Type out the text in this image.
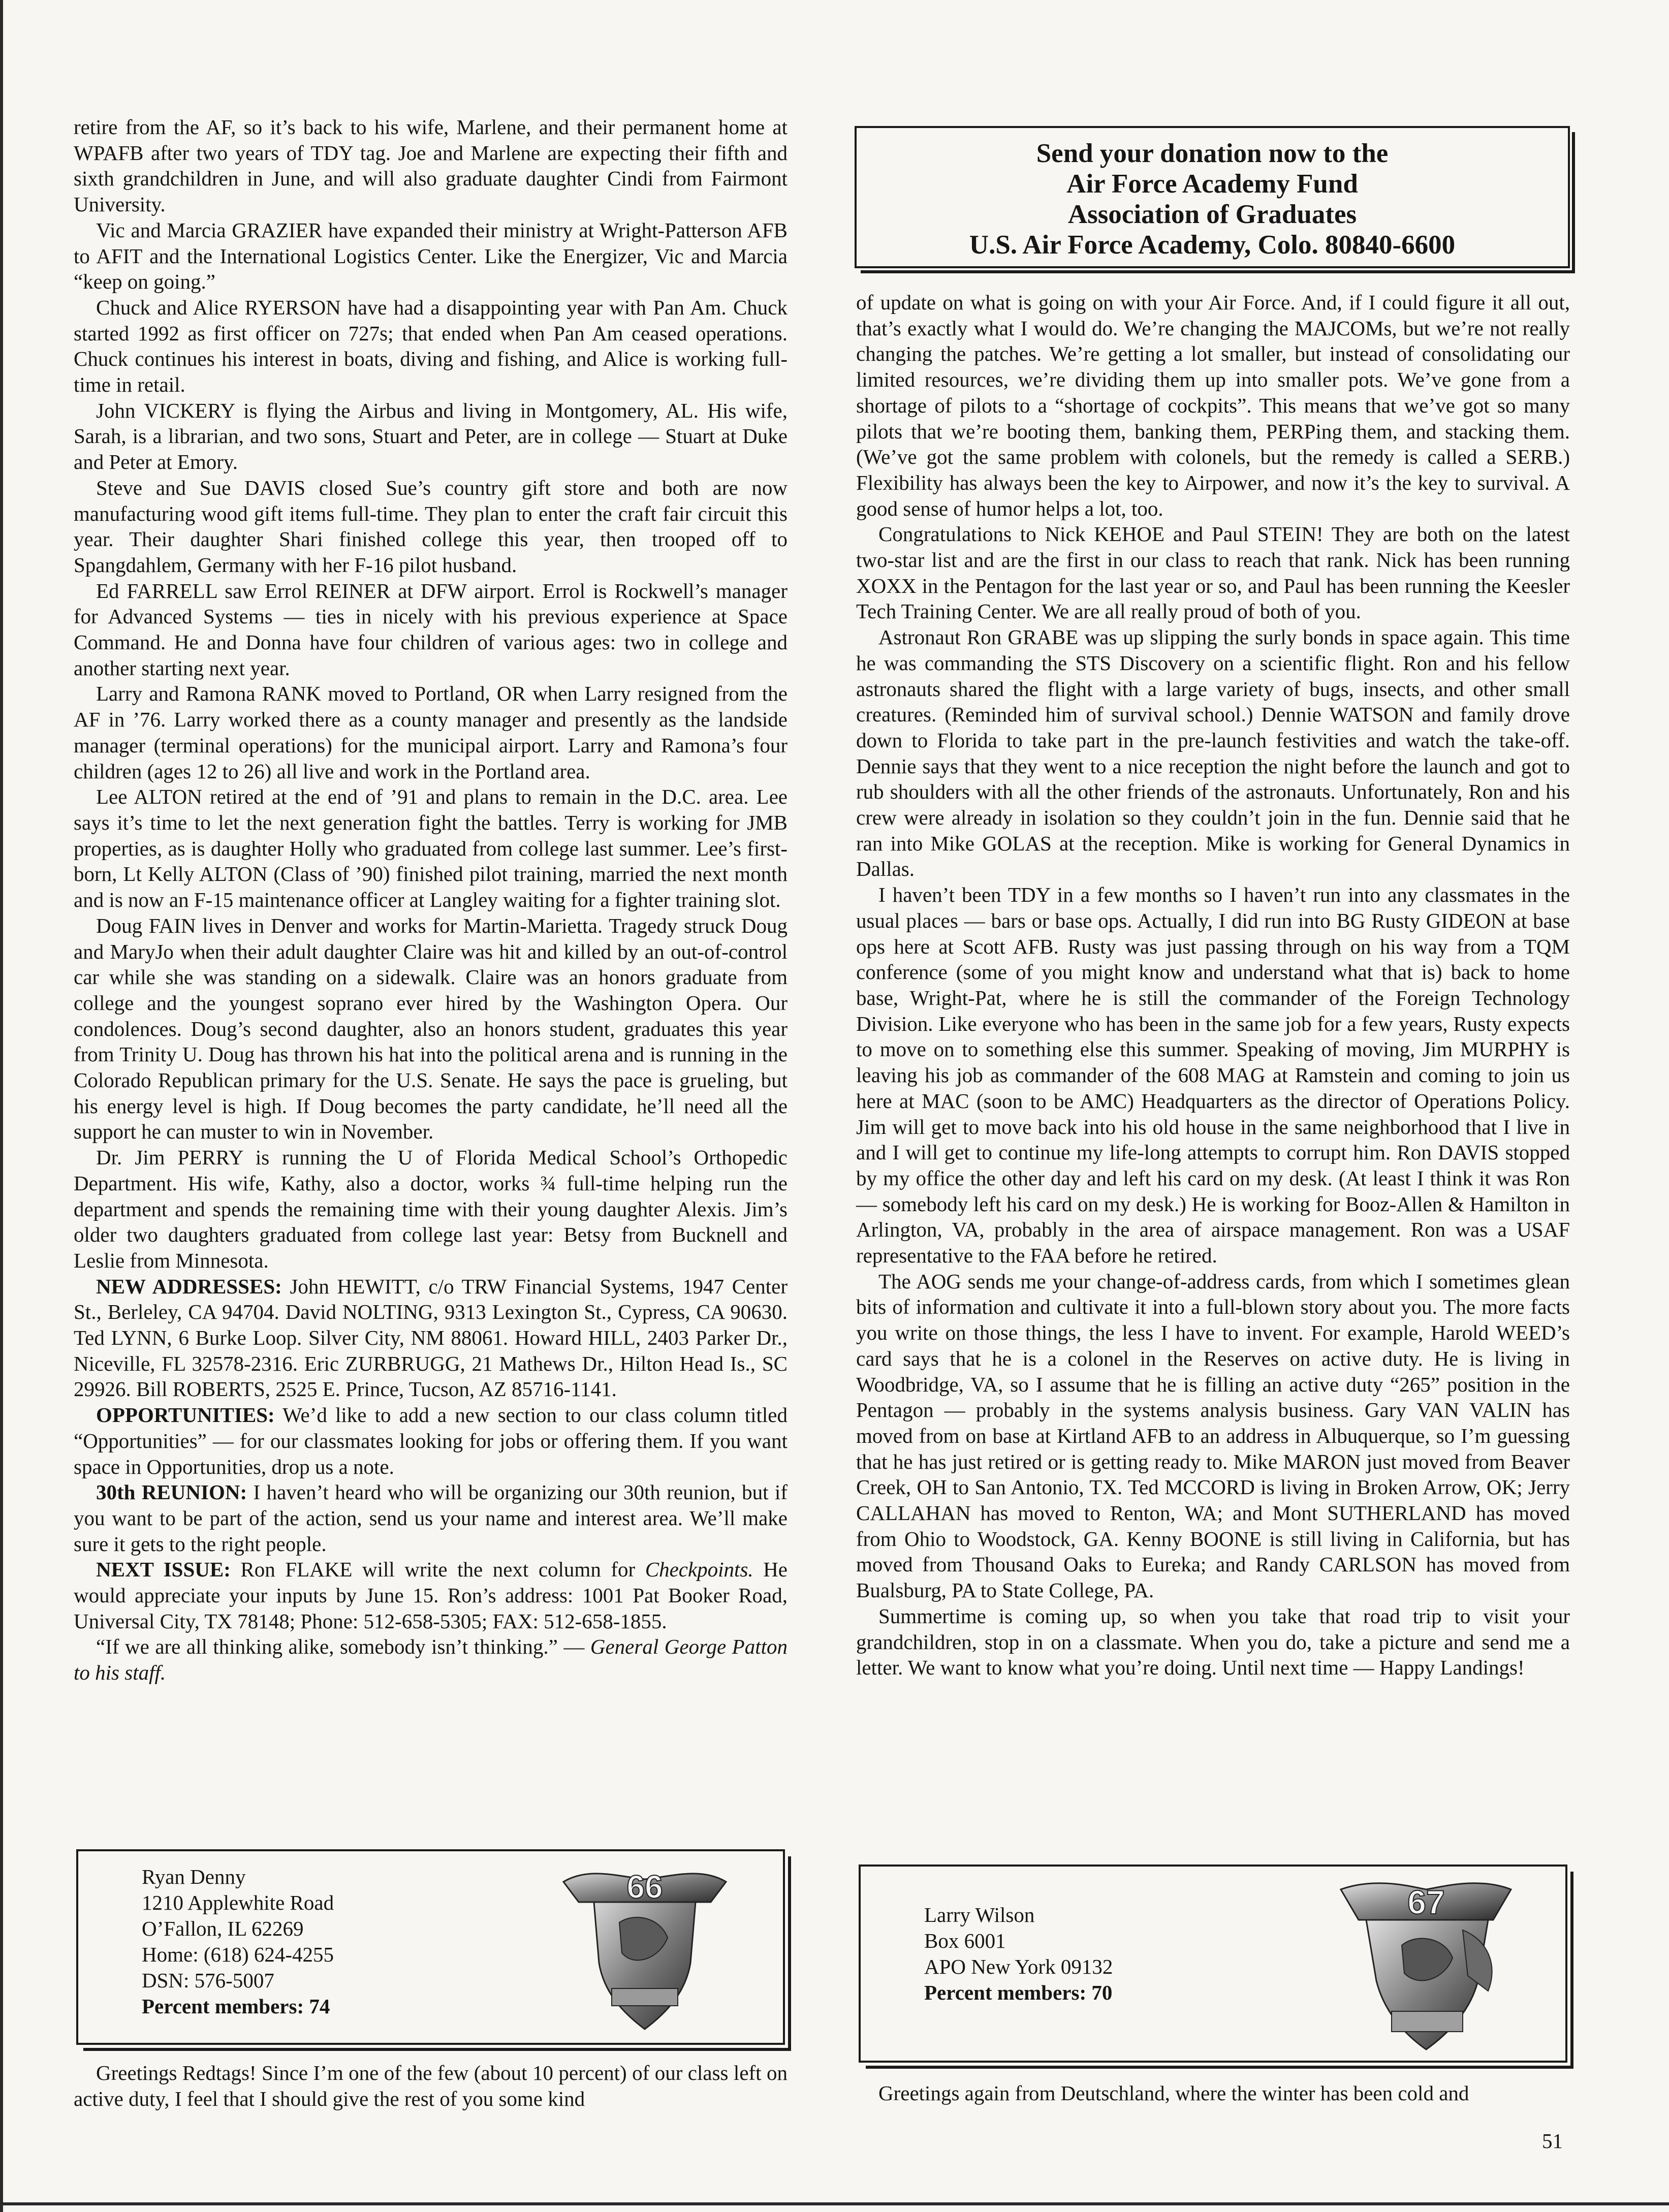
retire from the AF, so it’s back to his wife, Marlene, and their permanent home at WPAFB after two years of TDY tag. Joe and Marlene are expecting their fifth and sixth grandchildren in June, and will also graduate daughter Cindi from Fairmont University.

Vic and Marcia GRAZIER have expanded their ministry at Wright-Patterson AFB to AFIT and the International Logistics Center. Like the Energizer, Vic and Marcia “keep on going.”

Chuck and Alice RYERSON have had a disappointing year with Pan Am. Chuck started 1992 as first officer on 727s; that ended when Pan Am ceased operations. Chuck continues his interest in boats, diving and fishing, and Alice is working full-time in retail.

John VICKERY is flying the Airbus and living in Montgomery, AL. His wife, Sarah, is a librarian, and two sons, Stuart and Peter, are in college — Stuart at Duke and Peter at Emory.

Steve and Sue DAVIS closed Sue’s country gift store and both are now manufacturing wood gift items full-time. They plan to enter the craft fair circuit this year. Their daughter Shari finished college this year, then trooped off to Spangdahlem, Germany with her F-16 pilot husband.

Ed FARRELL saw Errol REINER at DFW airport. Errol is Rockwell’s manager for Advanced Systems — ties in nicely with his previous experience at Space Command. He and Donna have four children of various ages: two in college and another starting next year.

Larry and Ramona RANK moved to Portland, OR when Larry resigned from the AF in ’76. Larry worked there as a county manager and presently as the landside manager (terminal operations) for the municipal airport. Larry and Ramona’s four children (ages 12 to 26) all live and work in the Portland area.

Lee ALTON retired at the end of ’91 and plans to remain in the D.C. area. Lee says it’s time to let the next generation fight the battles. Terry is working for JMB properties, as is daughter Holly who graduated from college last summer. Lee’s first-born, Lt Kelly ALTON (Class of ’90) finished pilot training, married the next month and is now an F-15 maintenance officer at Langley waiting for a fighter training slot.

Doug FAIN lives in Denver and works for Martin-Marietta. Tragedy struck Doug and MaryJo when their adult daughter Claire was hit and killed by an out-of-control car while she was standing on a sidewalk. Claire was an honors graduate from college and the youngest soprano ever hired by the Washington Opera. Our condolences. Doug’s second daughter, also an honors student, graduates this year from Trinity U. Doug has thrown his hat into the political arena and is running in the Colorado Republican primary for the U.S. Senate. He says the pace is grueling, but his energy level is high. If Doug becomes the party candidate, he’ll need all the support he can muster to win in November.

Dr. Jim PERRY is running the U of Florida Medical School’s Orthopedic Department. His wife, Kathy, also a doctor, works ¾ full-time helping run the department and spends the remaining time with their young daughter Alexis. Jim’s older two daughters graduated from college last year: Betsy from Bucknell and Leslie from Minnesota.

NEW ADDRESSES: John HEWITT, c/o TRW Financial Systems, 1947 Center St., Berleley, CA 94704. David NOLTING, 9313 Lexington St., Cypress, CA 90630. Ted LYNN, 6 Burke Loop. Silver City, NM 88061. Howard HILL, 2403 Parker Dr., Niceville, FL 32578-2316. Eric ZURBRUGG, 21 Mathews Dr., Hilton Head Is., SC 29926. Bill ROBERTS, 2525 E. Prince, Tucson, AZ 85716-1141.

OPPORTUNITIES: We’d like to add a new section to our class column titled “Opportunities” — for our classmates looking for jobs or offering them. If you want space in Opportunities, drop us a note.

30th REUNION: I haven’t heard who will be organizing our 30th reunion, but if you want to be part of the action, send us your name and interest area. We’ll make sure it gets to the right people.

NEXT ISSUE: Ron FLAKE will write the next column for Checkpoints. He would appreciate your inputs by June 15. Ron’s address: 1001 Pat Booker Road, Universal City, TX 78148; Phone: 512-658-5305; FAX: 512-658-1855.

“If we are all thinking alike, somebody isn’t thinking.” — General George Patton to his staff.

Send your donation now to the
Air Force Academy Fund
Association of Graduates
U.S. Air Force Academy, Colo. 80840-6600

of update on what is going on with your Air Force. And, if I could figure it all out, that’s exactly what I would do. We’re changing the MAJCOMs, but we’re not really changing the patches. We’re getting a lot smaller, but instead of consolidating our limited resources, we’re dividing them up into smaller pots. We’ve gone from a shortage of pilots to a “shortage of cockpits”. This means that we’ve got so many pilots that we’re booting them, banking them, PERPing them, and stacking them. (We’ve got the same problem with colonels, but the remedy is called a SERB.) Flexibility has always been the key to Airpower, and now it’s the key to survival. A good sense of humor helps a lot, too.

Congratulations to Nick KEHOE and Paul STEIN! They are both on the latest two-star list and are the first in our class to reach that rank. Nick has been running XOXX in the Pentagon for the last year or so, and Paul has been running the Keesler Tech Training Center. We are all really proud of both of you.

Astronaut Ron GRABE was up slipping the surly bonds in space again. This time he was commanding the STS Discovery on a scientific flight. Ron and his fellow astronauts shared the flight with a large variety of bugs, insects, and other small creatures. (Reminded him of survival school.) Dennie WATSON and family drove down to Florida to take part in the pre-launch festivities and watch the take-off. Dennie says that they went to a nice reception the night before the launch and got to rub shoulders with all the other friends of the astronauts. Unfortunately, Ron and his crew were already in isolation so they couldn’t join in the fun. Dennie said that he ran into Mike GOLAS at the reception. Mike is working for General Dynamics in Dallas.

I haven’t been TDY in a few months so I haven’t run into any classmates in the usual places — bars or base ops. Actually, I did run into BG Rusty GIDEON at base ops here at Scott AFB. Rusty was just passing through on his way from a TQM conference (some of you might know and understand what that is) back to home base, Wright-Pat, where he is still the commander of the Foreign Technology Division. Like everyone who has been in the same job for a few years, Rusty expects to move on to something else this summer. Speaking of moving, Jim MURPHY is leaving his job as commander of the 608 MAG at Ramstein and coming to join us here at MAC (soon to be AMC) Headquarters as the director of Operations Policy. Jim will get to move back into his old house in the same neighborhood that I live in and I will get to continue my life-long attempts to corrupt him. Ron DAVIS stopped by my office the other day and left his card on my desk. (At least I think it was Ron — somebody left his card on my desk.) He is working for Booz-Allen & Hamilton in Arlington, VA, probably in the area of airspace management. Ron was a USAF representative to the FAA before he retired.

The AOG sends me your change-of-address cards, from which I sometimes glean bits of information and cultivate it into a full-blown story about you. The more facts you write on those things, the less I have to invent. For example, Harold WEED’s card says that he is a colonel in the Reserves on active duty. He is living in Woodbridge, VA, so I assume that he is filling an active duty “265” position in the Pentagon — probably in the systems analysis business. Gary VAN VALIN has moved from on base at Kirtland AFB to an address in Albuquerque, so I’m guessing that he has just retired or is getting ready to. Mike MARON just moved from Beaver Creek, OH to San Antonio, TX. Ted MCCORD is living in Broken Arrow, OK; Jerry CALLAHAN has moved to Renton, WA; and Mont SUTHERLAND has moved from Ohio to Woodstock, GA. Kenny BOONE is still living in California, but has moved from Thousand Oaks to Eureka; and Randy CARLSON has moved from Bualsburg, PA to State College, PA.

Summertime is coming up, so when you take that road trip to visit your grandchildren, stop in on a classmate. When you do, take a picture and send me a letter. We want to know what you’re doing. Until next time — Happy Landings!

Ryan Denny
1210 Applewhite Road
O’Fallon, IL 62269
Home: (618) 624-4255
DSN: 576-5007
Percent members: 74
66

Greetings Redtags! Since I’m one of the few (about 10 percent) of our class left on active duty, I feel that I should give the rest of you some kind

Larry Wilson
Box 6001
APO New York 09132
Percent members: 70
67

Greetings again from Deutschland, where the winter has been cold and

51
